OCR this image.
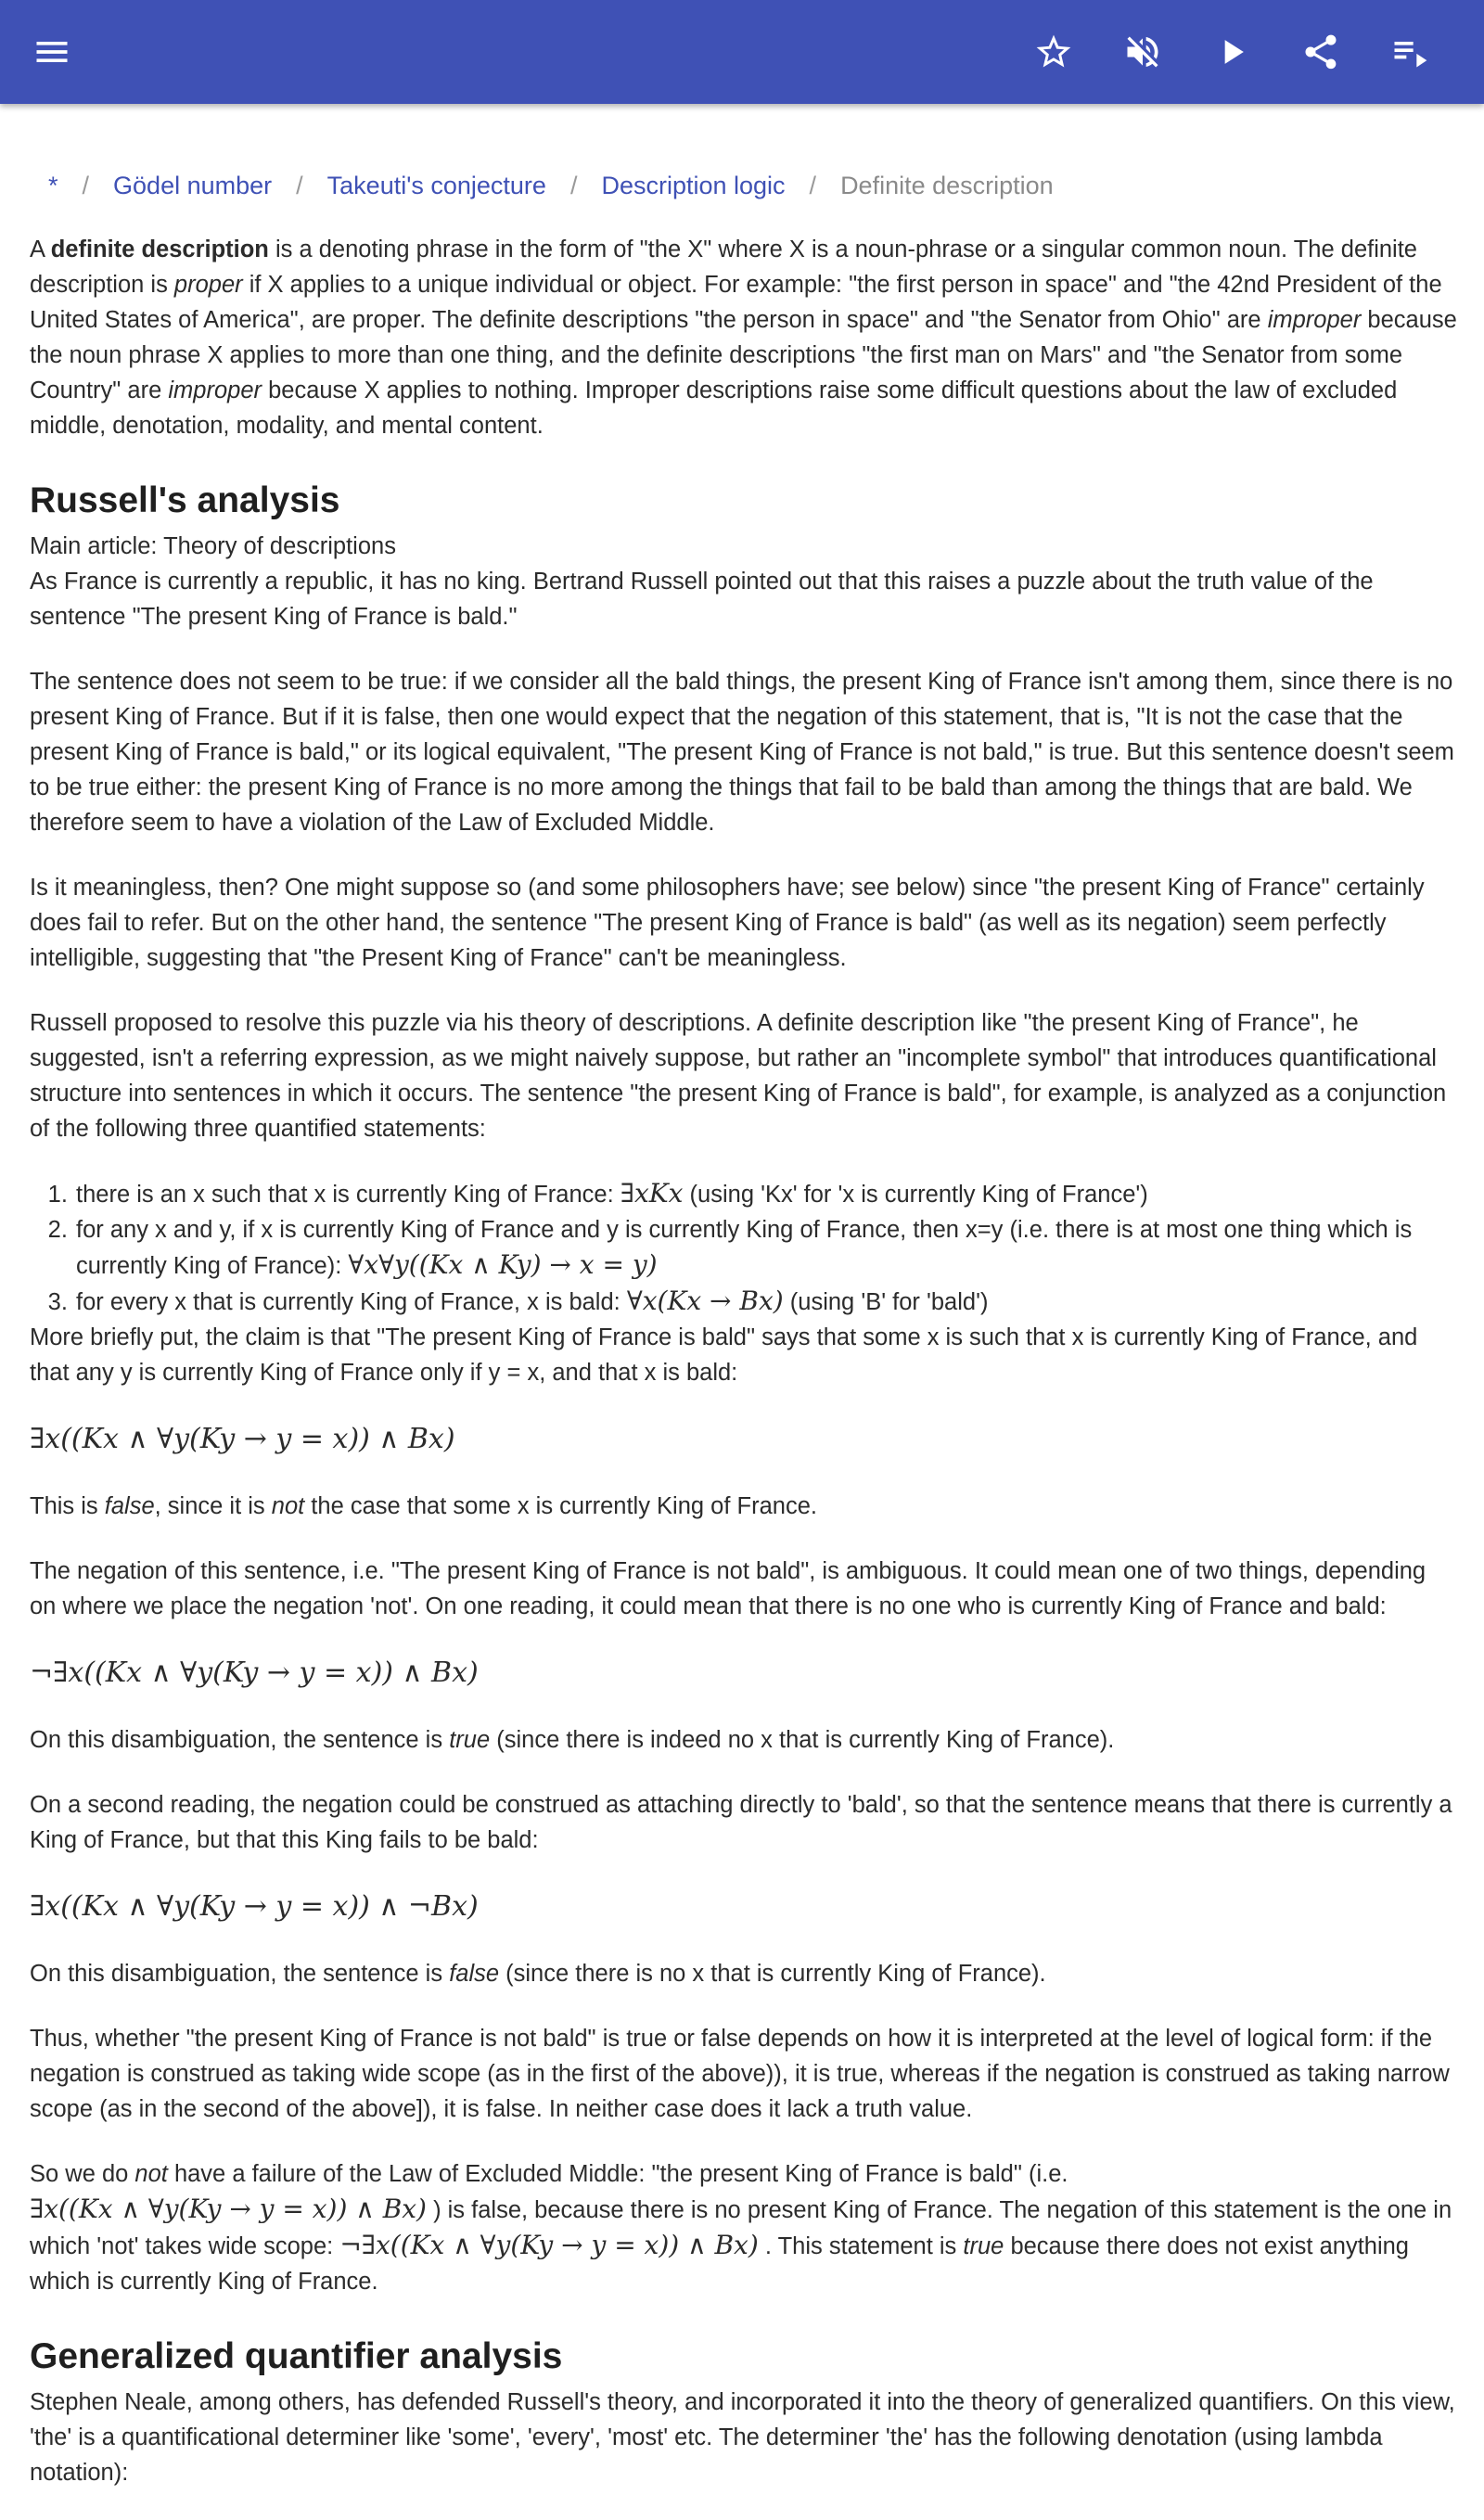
* / Gödel number / Takeuti's conjecture / Description logic / Definite description

A definite description is a denoting phrase in the form of "the X" where X is a noun-phrase or a singular common noun. The definite description is proper if X applies to a unique individual or object. For example: "the first person in space" and "the 42nd President of the United States of America", are proper. The definite descriptions "the person in space" and "the Senator from Ohio" are improper because the noun phrase X applies to more than one thing, and the definite descriptions "the first man on Mars" and "the Senator from some Country" are improper because X applies to nothing. Improper descriptions raise some difficult questions about the law of excluded middle, denotation, modality, and mental content.

Russell's analysis

Main article: Theory of descriptions

As France is currently a republic, it has no king. Bertrand Russell pointed out that this raises a puzzle about the truth value of the sentence "The present King of France is bald."

The sentence does not seem to be true: if we consider all the bald things, the present King of France isn't among them, since there is no present King of France. But if it is false, then one would expect that the negation of this statement, that is, "It is not the case that the present King of France is bald," or its logical equivalent, "The present King of France is not bald," is true. But this sentence doesn't seem to be true either: the present King of France is no more among the things that fail to be bald than among the things that are bald. We therefore seem to have a violation of the Law of Excluded Middle.

Is it meaningless, then? One might suppose so (and some philosophers have; see below) since "the present King of France" certainly does fail to refer. But on the other hand, the sentence "The present King of France is bald" (as well as its negation) seem perfectly intelligible, suggesting that "the Present King of France" can't be meaningless.

Russell proposed to resolve this puzzle via his theory of descriptions. A definite description like "the present King of France", he suggested, isn't a referring expression, as we might naively suppose, but rather an "incomplete symbol" that introduces quantificational structure into sentences in which it occurs. The sentence "the present King of France is bald", for example, is analyzed as a conjunction of the following three quantified statements:

1. there is an x such that x is currently King of France: ∃xKx (using 'Kx' for 'x is currently King of France')
2. for any x and y, if x is currently King of France and y is currently King of France, then x=y (i.e. there is at most one thing which is currently King of France): ∀x∀y((Kx ∧ Ky) → x = y)
3. for every x that is currently King of France, x is bald: ∀x(Kx → Bx) (using 'B' for 'bald')

More briefly put, the claim is that "The present King of France is bald" says that some x is such that x is currently King of France, and that any y is currently King of France only if y = x, and that x is bald:

∃x((Kx ∧ ∀y(Ky → y = x)) ∧ Bx)

This is false, since it is not the case that some x is currently King of France.

The negation of this sentence, i.e. "The present King of France is not bald", is ambiguous. It could mean one of two things, depending on where we place the negation 'not'. On one reading, it could mean that there is no one who is currently King of France and bald:

¬∃x((Kx ∧ ∀y(Ky → y = x)) ∧ Bx)

On this disambiguation, the sentence is true (since there is indeed no x that is currently King of France).

On a second reading, the negation could be construed as attaching directly to 'bald', so that the sentence means that there is currently a King of France, but that this King fails to be bald:

∃x((Kx ∧ ∀y(Ky → y = x)) ∧ ¬Bx)

On this disambiguation, the sentence is false (since there is no x that is currently King of France).

Thus, whether "the present King of France is not bald" is true or false depends on how it is interpreted at the level of logical form: if the negation is construed as taking wide scope (as in the first of the above)), it is true, whereas if the negation is construed as taking narrow scope (as in the second of the above]), it is false. In neither case does it lack a truth value.

So we do not have a failure of the Law of Excluded Middle: "the present King of France is bald" (i.e. ∃x((Kx ∧ ∀y(Ky → y = x)) ∧ Bx) ) is false, because there is no present King of France. The negation of this statement is the one in which 'not' takes wide scope: ¬∃x((Kx ∧ ∀y(Ky → y = x)) ∧ Bx) . This statement is true because there does not exist anything which is currently King of France.

Generalized quantifier analysis

Stephen Neale, among others, has defended Russell's theory, and incorporated it into the theory of generalized quantifiers. On this view, 'the' is a quantificational determiner like 'some', 'every', 'most' etc. The determiner 'the' has the following denotation (using lambda notation):
